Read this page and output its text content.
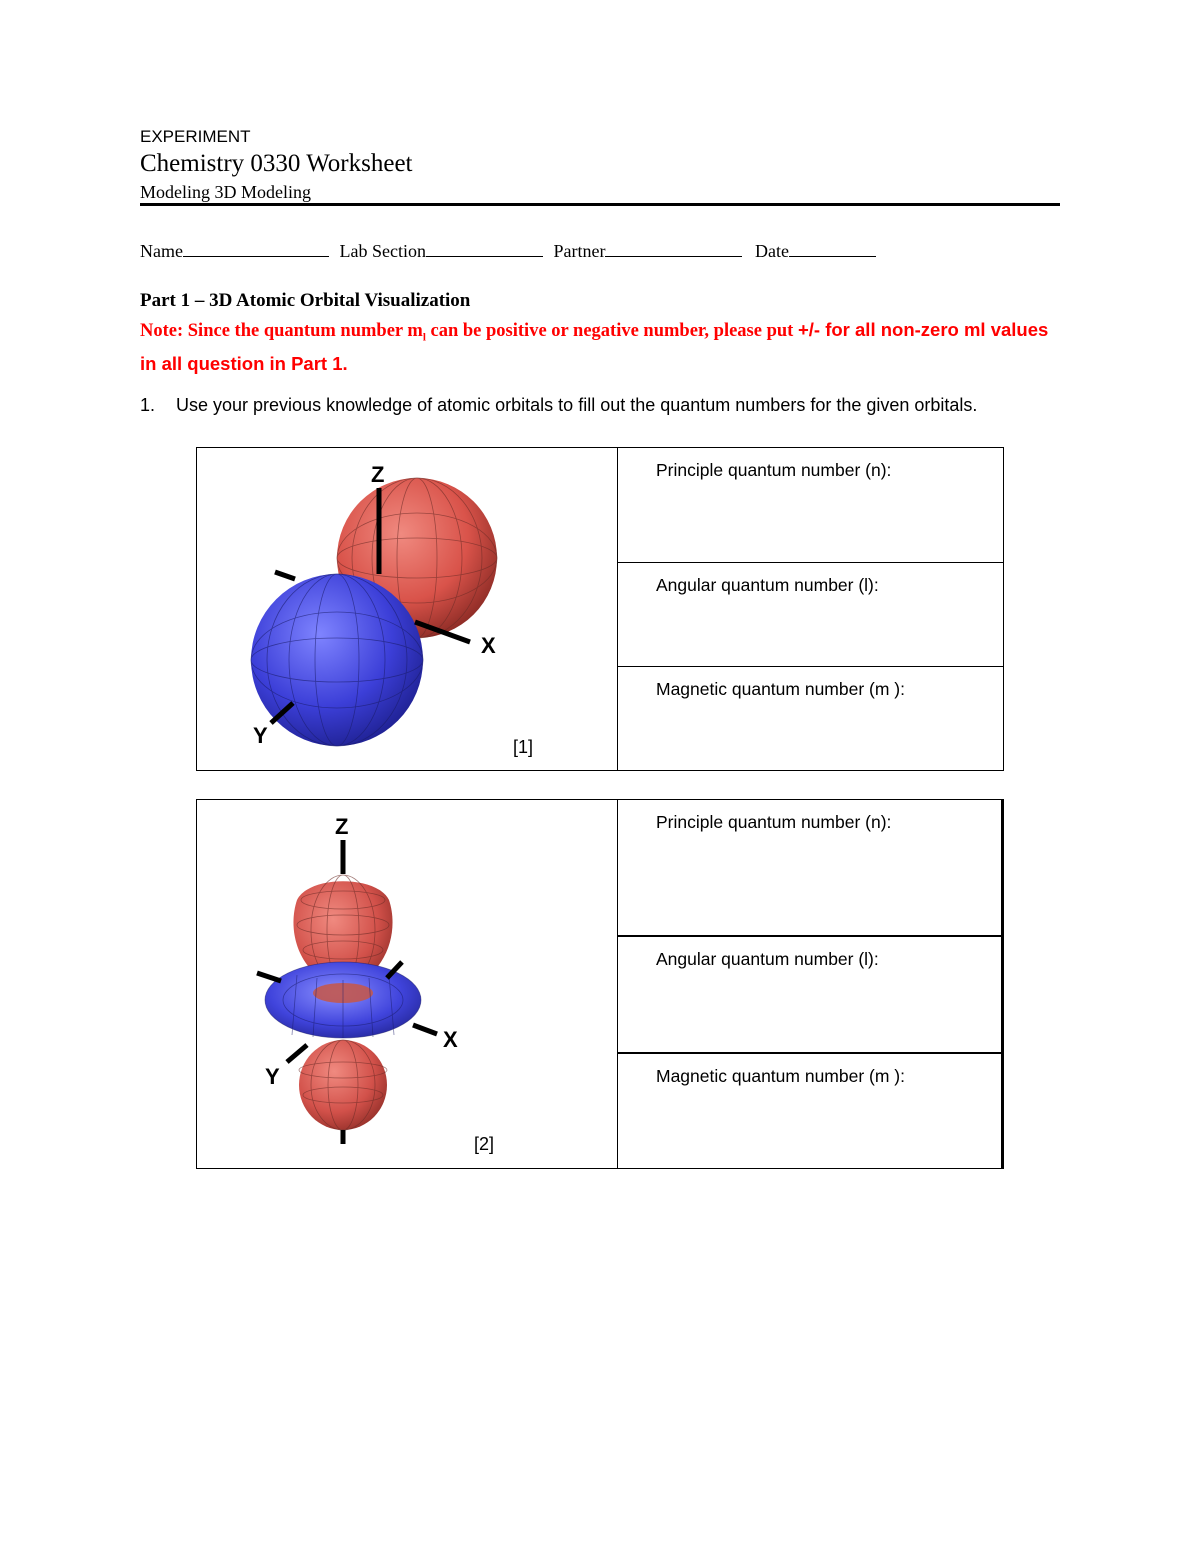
EXPERIMENT
Chemistry 0330 Worksheet
Modeling 3D Modeling
Name	Lab Section	Partner	Date
Part 1 – 3D Atomic Orbital Visualization
Note: Since the quantum number $m_l$ can be positive or negative number, please put +/- for all non-zero ml values in all question in Part 1.
1. Use your previous knowledge of atomic orbitals to fill out the quantum numbers for the given orbitals.
Z
X
Y	[1]
Principle quantum number (n):
Angular quantum number (l):
Magnetic quantum number (m ):
Z
X
Y
[2]
Principle quantum number (n):
Angular quantum number (l):
Magnetic quantum number (m ):
